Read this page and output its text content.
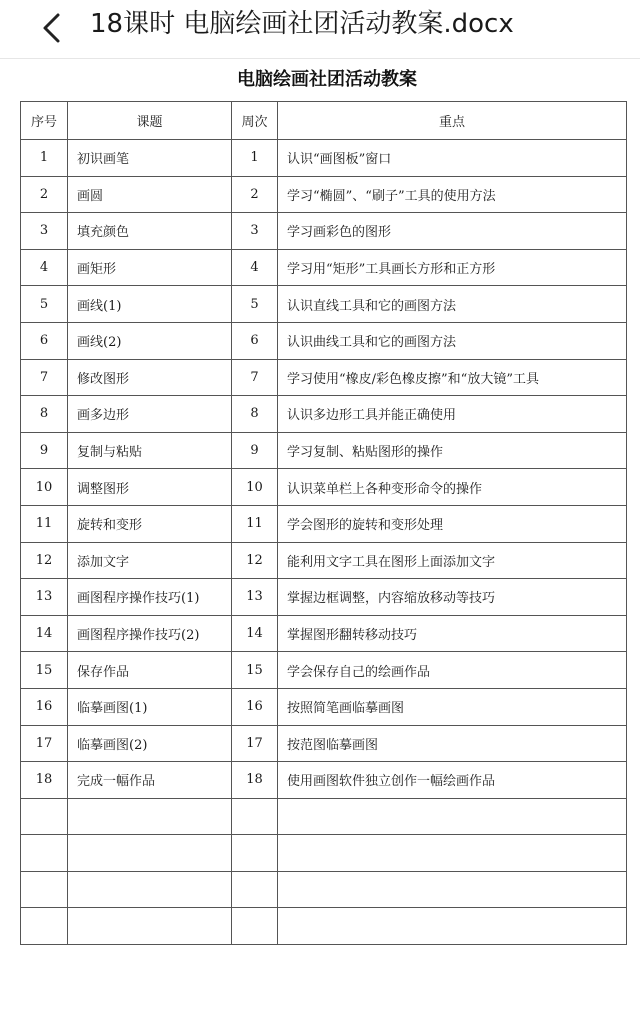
18课时 电脑绘画社团活动教案.docx
电脑绘画社团活动教案
序号	课题	周次	重点
1	初识画笔	1	认识“画图板”窗口
2	画圆	2	学习“椭圆”、“刷子”工具的使用方法
3	填充颜色	3	学习画彩色的图形
4	画矩形	4	学习用“矩形”工具画长方形和正方形
5	画线(1)	5	认识直线工具和它的画图方法
6	画线(2)	6	认识曲线工具和它的画图方法
7	修改图形	7	学习使用“橡皮/彩色橡皮擦”和“放大镜”工具
8	画多边形	8	认识多边形工具并能正确使用
9	复制与粘贴	9	学习复制、粘贴图形的操作
10	调整图形	10	认识菜单栏上各种变形命令的操作
11	旋转和变形	11	学会图形的旋转和变形处理
12	添加文字	12	能利用文字工具在图形上面添加文字
13	画图程序操作技巧(1)	13	掌握边框调整，内容缩放移动等技巧
14	画图程序操作技巧(2)	14	掌握图形翻转移动技巧
15	保存作品	15	学会保存自己的绘画作品
16	临摹画图(1)	16	按照简笔画临摹画图
17	临摹画图(2)	17	按范图临摹画图
18	完成一幅作品	18	使用画图软件独立创作一幅绘画作品
